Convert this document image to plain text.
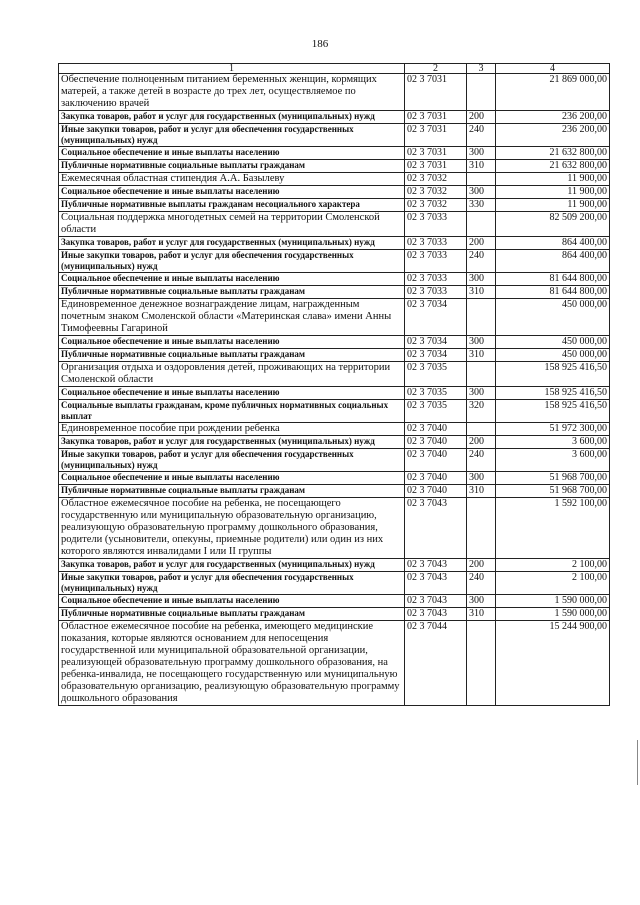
186
1	2	3	4
Обеспечение полноценным питанием беременных женщин, кормящих матерей, а также детей в возрасте до трех лет, осуществляемое по заключению врачей	02 3 7031		21 869 000,00
Закупка товаров, работ и услуг для государственных (муниципальных) нужд	02 3 7031	200	236 200,00
Иные закупки товаров, работ и услуг для обеспечения государственных (муниципальных) нужд	02 3 7031	240	236 200,00
Социальное обеспечение и иные выплаты населению	02 3 7031	300	21 632 800,00
Публичные нормативные социальные выплаты гражданам	02 3 7031	310	21 632 800,00
Ежемесячная областная стипендия А.А. Базылеву	02 3 7032		11 900,00
Социальное обеспечение и иные выплаты населению	02 3 7032	300	11 900,00
Публичные нормативные выплаты гражданам несоциального характера	02 3 7032	330	11 900,00
Социальная поддержка многодетных семей на территории Смоленской области	02 3 7033		82 509 200,00
Закупка товаров, работ и услуг для государственных (муниципальных) нужд	02 3 7033	200	864 400,00
Иные закупки товаров, работ и услуг для обеспечения государственных (муниципальных) нужд	02 3 7033	240	864 400,00
Социальное обеспечение и иные выплаты населению	02 3 7033	300	81 644 800,00
Публичные нормативные социальные выплаты гражданам	02 3 7033	310	81 644 800,00
Единовременное денежное вознаграждение лицам, награжденным почетным знаком Смоленской области «Материнская слава» имени Анны Тимофеевны Гагариной	02 3 7034		450 000,00
Социальное обеспечение и иные выплаты населению	02 3 7034	300	450 000,00
Публичные нормативные социальные выплаты гражданам	02 3 7034	310	450 000,00
Организация отдыха и оздоровления детей, проживающих на территории Смоленской области	02 3 7035		158 925 416,50
Социальное обеспечение и иные выплаты населению	02 3 7035	300	158 925 416,50
Социальные выплаты гражданам, кроме публичных нормативных социальных выплат	02 3 7035	320	158 925 416,50
Единовременное пособие при рождении ребенка	02 3 7040		51 972 300,00
Закупка товаров, работ и услуг для государственных (муниципальных) нужд	02 3 7040	200	3 600,00
Иные закупки товаров, работ и услуг для обеспечения государственных (муниципальных) нужд	02 3 7040	240	3 600,00
Социальное обеспечение и иные выплаты населению	02 3 7040	300	51 968 700,00
Публичные нормативные социальные выплаты гражданам	02 3 7040	310	51 968 700,00
Областное ежемесячное пособие на ребенка, не посещающего государственную или муниципальную образовательную организацию, реализующую образовательную программу дошкольного образования, родители (усыновители, опекуны, приемные родители) или один из них которого являются инвалидами I или II группы	02 3 7043		1 592 100,00
Закупка товаров, работ и услуг для государственных (муниципальных) нужд	02 3 7043	200	2 100,00
Иные закупки товаров, работ и услуг для обеспечения государственных (муниципальных) нужд	02 3 7043	240	2 100,00
Социальное обеспечение и иные выплаты населению	02 3 7043	300	1 590 000,00
Публичные нормативные социальные выплаты гражданам	02 3 7043	310	1 590 000,00
Областное ежемесячное пособие на ребенка, имеющего медицинские показания, которые являются основанием для непосещения государственной или муниципальной образовательной организации, реализующей образовательную программу дошкольного образования, на ребенка-инвалида, не посещающего государственную или муниципальную образовательную организацию, реализующую образовательную программу дошкольного образования	02 3 7044		15 244 900,00
